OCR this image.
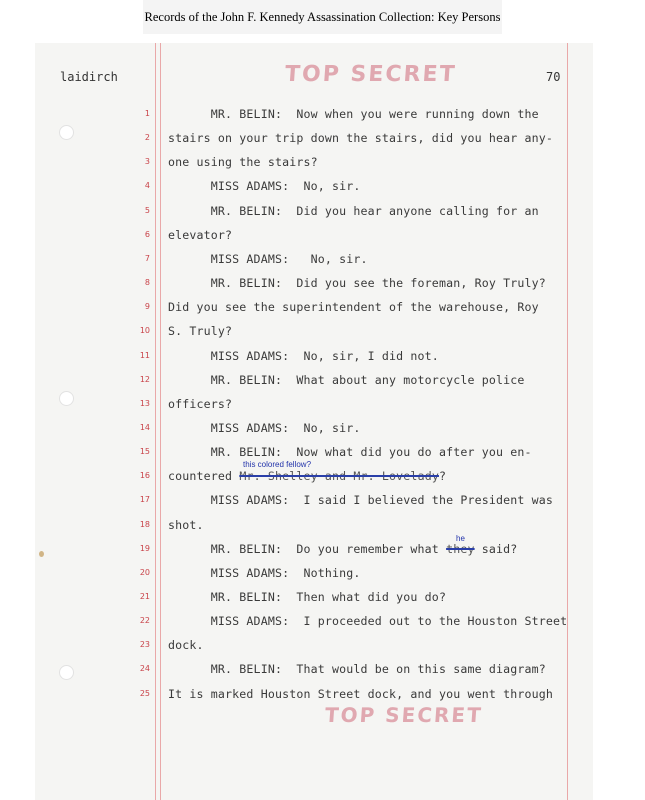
Records of the John F. Kennedy Assassination Collection: Key Persons
TOP SECRET
TOP SECRET
laidirch	70
1 MR. BELIN:  Now when you were running down the
2 stairs on your trip down the stairs, did you hear any-
3 one using the stairs?
4 MISS ADAMS:  No, sir.
5 MR. BELIN:  Did you hear anyone calling for an
6 elevator?
7 MISS ADAMS:   No, sir.
8 MR. BELIN:  Did you see the foreman, Roy Truly?
9 Did you see the superintendent of the warehouse, Roy
10 S. Truly?
11 MISS ADAMS:  No, sir, I did not.
12 MR. BELIN:  What about any motorcycle police
13 officers?
14 MISS ADAMS:  No, sir.
15 MR. BELIN:  Now what did you do after you en-
16 countered Mr. Shelley and Mr. Lovelady?
17 MISS ADAMS:  I said I believed the President was
18 shot.
19 MR. BELIN:  Do you remember what they said?
20 MISS ADAMS:  Nothing.
21 MR. BELIN:  Then what did you do?
22 MISS ADAMS:  I proceeded out to the Houston Street
23 dock.
24 MR. BELIN:  That would be on this same diagram?
25 It is marked Houston Street dock, and you went through
this colored fellow?
he
